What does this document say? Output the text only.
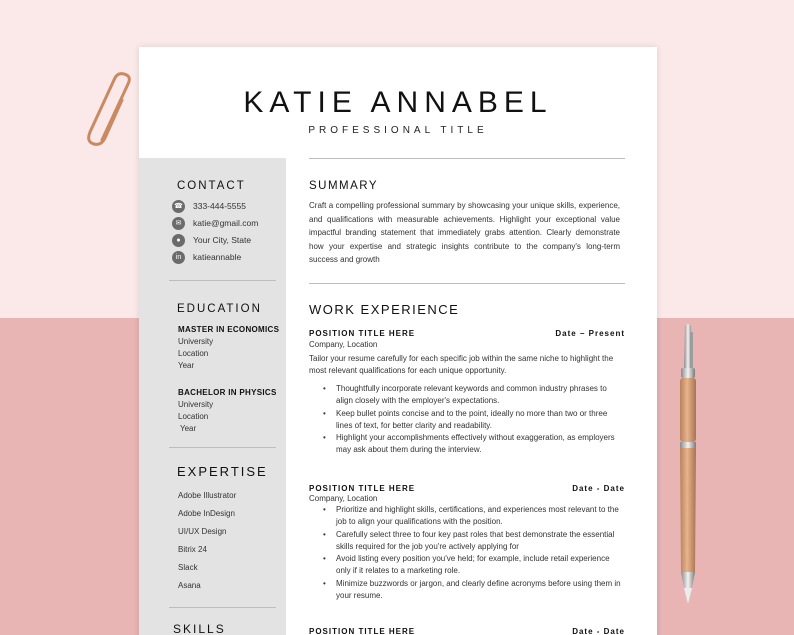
KATIE ANNABEL
PROFESSIONAL TITLE
CONTACT
☎ 333-444-5555
✉	katie@gmail.com
●	Your City, State
in	katieannable
EDUCATION
MASTER IN ECONOMICS
University
Location
Year
BACHELOR IN PHYSICS
University
Location
Year
EXPERTISE
Adobe Illustrator
Adobe InDesign
UI/UX Design
Bitrix 24
Slack
Asana
SKILLS
SUMMARY
Craft a compelling professional summary by showcasing your unique skills, experience, and qualifications with measurable achievements. Highlight your exceptional value impactful branding statement that immediately grabs attention. Clearly demonstrate how your expertise and strategic insights contribute to the company's long-term success and growth
WORK EXPERIENCE
POSITION TITLE HERE	Date – Present
Company, Location
Tailor your resume carefully for each specific job within the same niche to highlight the most relevant qualifications for each unique opportunity.
• Thoughtfully incorporate relevant keywords and common industry phrases to align closely with the employer's expectations.
• Keep bullet points concise and to the point, ideally no more than two or three lines of text, for better clarity and readability.
• Highlight your accomplishments effectively without exaggeration, as employers may ask about them during the interview.
POSITION TITLE HERE	Date - Date
Company, Location
• Prioritize and highlight skills, certifications, and experiences most relevant to the job to align your qualifications with the position.
• Carefully select three to four key past roles that best demonstrate the essential skills required for the job you're actively applying for
• Avoid listing every position you've held; for example, include retail experience only if it relates to a marketing role.
• Minimize buzzwords or jargon, and clearly define acronyms before using them in your resume.
POSITION TITLE HERE	Date - Date
